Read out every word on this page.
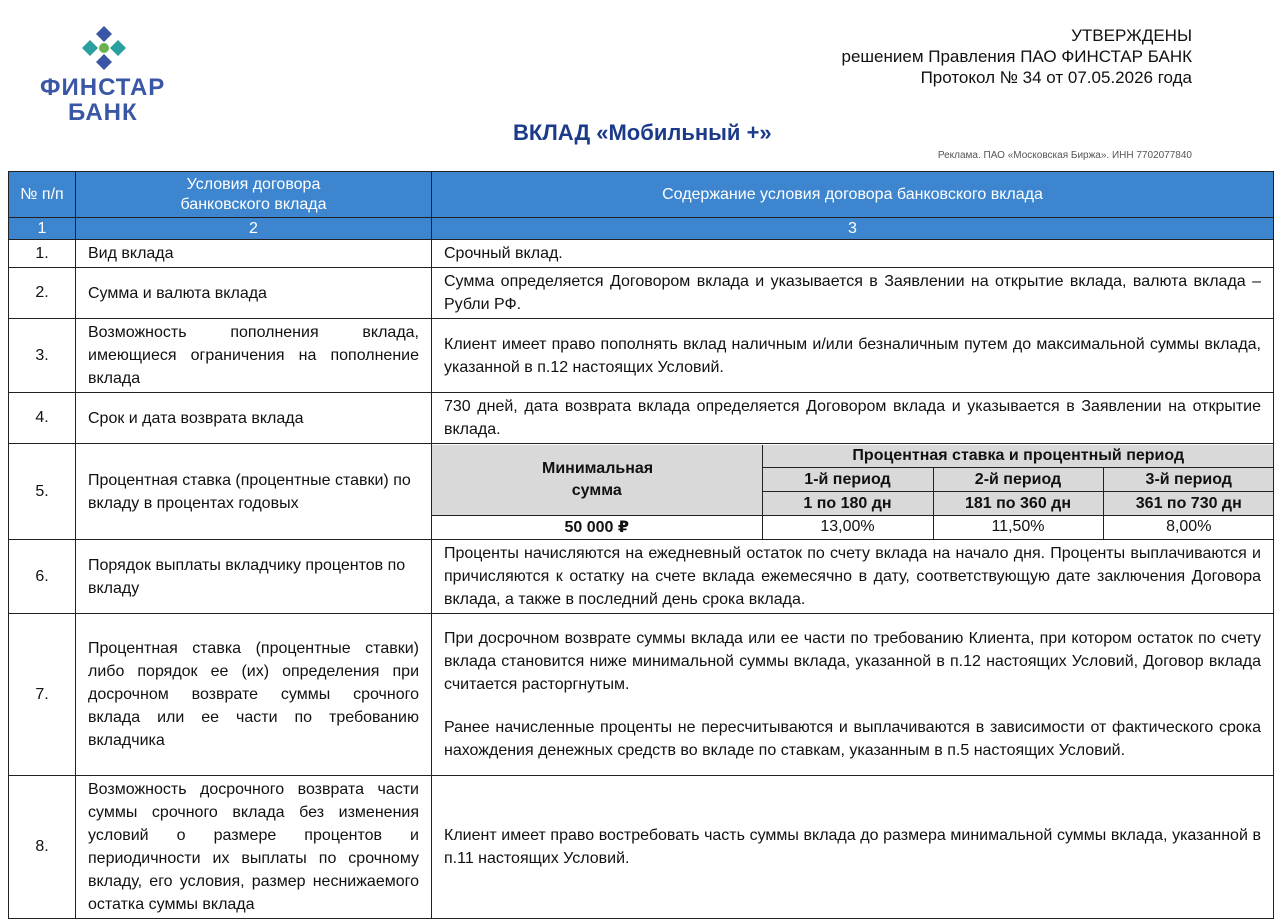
ФИНСТАР
БАНК
УТВЕРЖДЕНЫ
решением Правления ПАО ФИНСТАР БАНК
Протокол № 34 от 07.05.2026 года
ВКЛАД «Мобильный +»
Реклама. ПАО «Московская Биржа». ИНН 7702077840
№ п/п	Условия договора банковского вклада	Содержание условия договора банковского вклада
1	2	3
1.	Вид вклада	Срочный вклад.
2.	Сумма и валюта вклада	Сумма определяется Договором вклада и указывается в Заявлении на открытие вклада, валюта вклада – Рубли РФ.
3.	Возможность пополнения вклада, имеющиеся ограничения на пополнение вклада	Клиент имеет право пополнять вклад наличным и/или безналичным путем до максимальной суммы вклада, указанной в п.12 настоящих Условий.
4.	Срок и дата возврата вклада	730 дней, дата возврата вклада определяется Договором вклада и указывается в Заявлении на открытие вклада.
5.	Процентная ставка (процентные ставки) по вкладу в процентах годовых	
Минимальная сумма	Процентная ставка и процентный период
1-й период	2-й период	3-й период
1 по 180 дн	181 по 360 дн	361 по 730 дн
50 000 ₽	13,00%	11,50%	8,00%

6.	Порядок выплаты вкладчику процентов по вкладу	Проценты начисляются на ежедневный остаток по счету вклада на начало дня. Проценты выплачиваются и причисляются к остатку на счете вклада ежемесячно в дату, соответствующую дате заключения Договора вклада, а также в последний день срока вклада.
7.	Процентная ставка (процентные ставки) либо порядок ее (их) определения при досрочном возврате суммы срочного вклада или ее части по требованию вкладчика	
При досрочном возврате суммы вклада или ее части по требованию Клиента, при котором остаток по счету вклада становится ниже минимальной суммы вклада, указанной в п.12 настоящих Условий, Договор вклада считается расторгнутым.
Ранее начисленные проценты не пересчитываются и выплачиваются в зависимости от фактического срока нахождения денежных средств во вкладе по ставкам, указанным в п.5 настоящих Условий.

8.	Возможность досрочного возврата части суммы срочного вклада без изменения условий о размере процентов и периодичности их выплаты по срочному вкладу, его условия, размер неснижаемого остатка суммы вклада	Клиент имеет право востребовать часть суммы вклада до размера минимальной суммы вклада, указанной в п.11 настоящих Условий.
